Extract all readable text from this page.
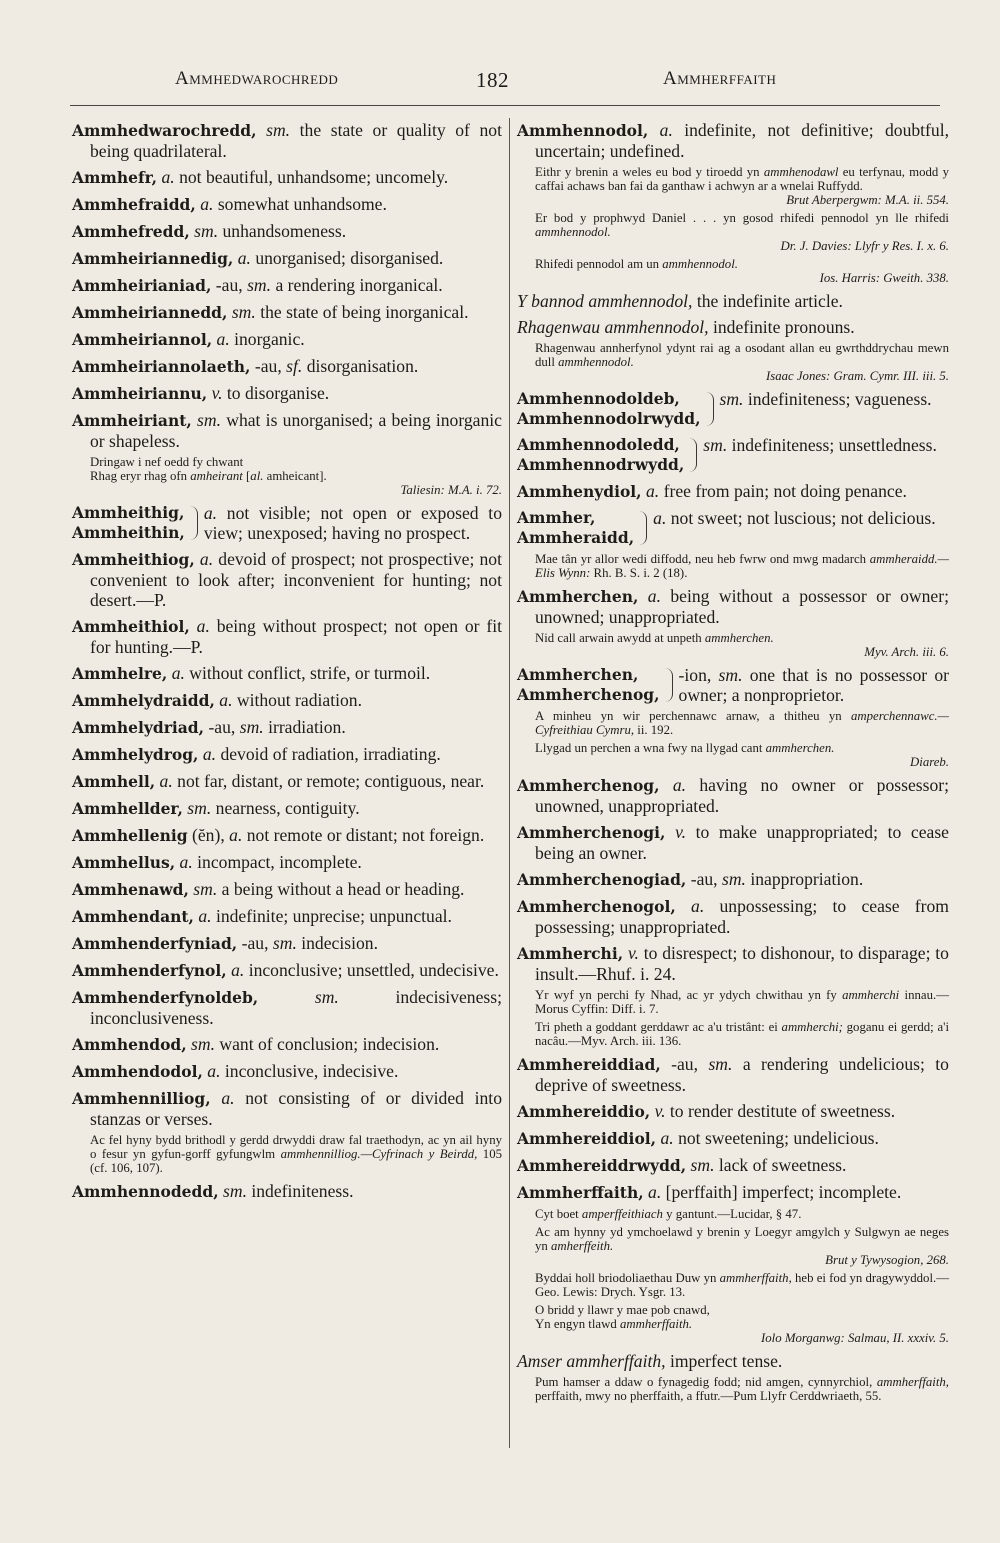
Ammhedwarochredd	182	Ammherffaith
Ammhedwarochredd, sm. the state or quality of not being quadrilateral.
Ammhefr, a. not beautiful, unhandsome; uncomely.
Ammhefraidd, a. somewhat unhandsome.
Ammhefredd, sm. unhandsomeness.
Ammheiriannedig, a. unorganised; disorganised.
Ammheirianiad, -au, sm. a rendering inorganical.
Ammheiriannedd, sm. the state of being inorganical.
Ammheiriannol, a. inorganic.
Ammheiriannolaeth, -au, sf. disorganisation.
Ammheiriannu, v. to disorganise.
Ammheiriant, sm. what is unorganised; a being inorganic or shapeless.
Dringaw i nef oedd fy chwant
Rhag eryr rhag ofn amheirant [al. amheicant].
Taliesin: M.A. i. 72.
Ammheithig,
Ammheithin,
a. not visible; not open or exposed to view; unexposed; having no prospect.
Ammheithiog, a. devoid of prospect; not prospective; not convenient to look after; inconvenient for hunting; not desert.—P.
Ammheithiol, a. being without prospect; not open or fit for hunting.—P.
Ammhelre, a. without conflict, strife, or turmoil.
Ammhelydraidd, a. without radiation.
Ammhelydriad, -au, sm. irradiation.
Ammhelydrog, a. devoid of radiation, irradiating.
Ammhell, a. not far, distant, or remote; contiguous, near.
Ammhellder, sm. nearness, contiguity.
Ammhellenig (ĕn), a. not remote or distant; not foreign.
Ammhellus, a. incompact, incomplete.
Ammhenawd, sm. a being without a head or heading.
Ammhendant, a. indefinite; unprecise; unpunctual.
Ammhenderfyniad, -au, sm. indecision.
Ammhenderfynol, a. inconclusive; unsettled, undecisive.
Ammhenderfynoldeb,	sm.	indecisiveness; inconclusiveness.
Ammhendod, sm. want of conclusion; indecision.
Ammhendodol, a. inconclusive, indecisive.
Ammhennilliog, a. not consisting of or divided into stanzas or verses.
Ac fel hyny bydd brithodl y gerdd drwyddi draw fal traethodyn, ac yn ail hyny o fesur yn gyfun-gorff gyfungwlm ammhennilliog.—Cyfrinach y Beirdd, 105 (cf. 106, 107).
Ammhennodedd, sm. indefiniteness.
Ammhennodol, a. indefinite, not definitive; doubtful, uncertain; undefined.
Eithr y brenin a weles eu bod y tiroedd yn ammhenodawl eu terfynau, modd y caffai achaws ban fai da ganthaw i achwyn ar a wnelai Ruffydd.
Brut Aberpergwm: M.A. ii. 554.
Er bod y prophwyd Daniel . . . yn gosod rhifedi pennodol yn lle rhifedi ammhennodol.
Dr. J. Davies: Llyfr y Res. I. x. 6.
Rhifedi pennodol am un ammhennodol.
Ios. Harris: Gweith. 338.
Y bannod ammhennodol, the indefinite article.
Rhagenwau ammhennodol, indefinite pronouns.
Rhagenwau annherfynol ydynt rai ag a osodant allan eu gwrthddrychau mewn dull ammhennodol.
Isaac Jones: Gram. Cymr. III. iii. 5.
Ammhennodoldeb,
Ammhennodolrwydd,
sm. indefiniteness; vagueness.
Ammhennodoledd,
Ammhennodrwydd,
sm. indefiniteness; unsettledness.
Ammhenydiol, a. free from pain; not doing penance.
Ammher,
Ammheraidd,
a. not sweet; not luscious; not delicious.
Mae tân yr allor wedi diffodd, neu heb fwrw ond mwg madarch ammheraidd.—Elis Wynn: Rh. B. S. i. 2 (18).
Ammherchen, a. being without a possessor or owner; unowned; unappropriated.
Nid call arwain awydd at unpeth ammherchen.
Myv. Arch. iii. 6.
Ammherchen,
Ammherchenog,
-ion, sm. one that is no possessor or owner; a nonproprietor.
A minheu yn wir perchennawc arnaw, a thitheu yn amperchennawc.—Cyfreithiau Cymru, ii. 192.
Llygad un perchen a wna fwy na llygad cant ammherchen.
Diareb.
Ammherchenog, a. having no owner or possessor; unowned, unappropriated.
Ammherchenogi, v. to make unappropriated; to cease being an owner.
Ammherchenogiad, -au, sm. inappropriation.
Ammherchenogol, a. unpossessing; to cease from possessing; unappropriated.
Ammherchi, v. to disrespect; to dishonour, to disparage; to insult.—Rhuf. i. 24.
Yr wyf yn perchi fy Nhad, ac yr ydych chwithau yn fy ammherchi innau.—Morus Cyffin: Diff. i. 7.
Tri pheth a goddant gerddawr ac a'u tristânt: ei ammherchi; goganu ei gerdd; a'i nacâu.—Myv. Arch. iii. 136.
Ammhereiddiad, -au, sm. a rendering undelicious; to deprive of sweetness.
Ammhereiddio, v. to render destitute of sweetness.
Ammhereiddiol, a. not sweetening; undelicious.
Ammhereiddrwydd, sm. lack of sweetness.
Ammherffaith, a. [perffaith] imperfect; incomplete.
Cyt boet amperffeithiach y gantunt.—Lucidar, § 47.
Ac am hynny yd ymchoelawd y brenin y Loegyr amgylch y Sulgwyn ae neges yn amherffeith.
Brut y Tywysogion, 268.
Byddai holl briodoliaethau Duw yn ammherffaith, heb ei fod yn dragywyddol.—Geo. Lewis: Drych. Ysgr. 13.
O bridd y llawr y mae pob cnawd,
Yn engyn tlawd ammherffaith.
Iolo Morganwg: Salmau, II. xxxiv. 5.
Amser ammherffaith, imperfect tense.
Pum hamser a ddaw o fynagedig fodd; nid amgen, cynnyrchiol, ammherffaith, perffaith, mwy no pherffaith, a ffutr.—Pum Llyfr Cerddwriaeth, 55.
